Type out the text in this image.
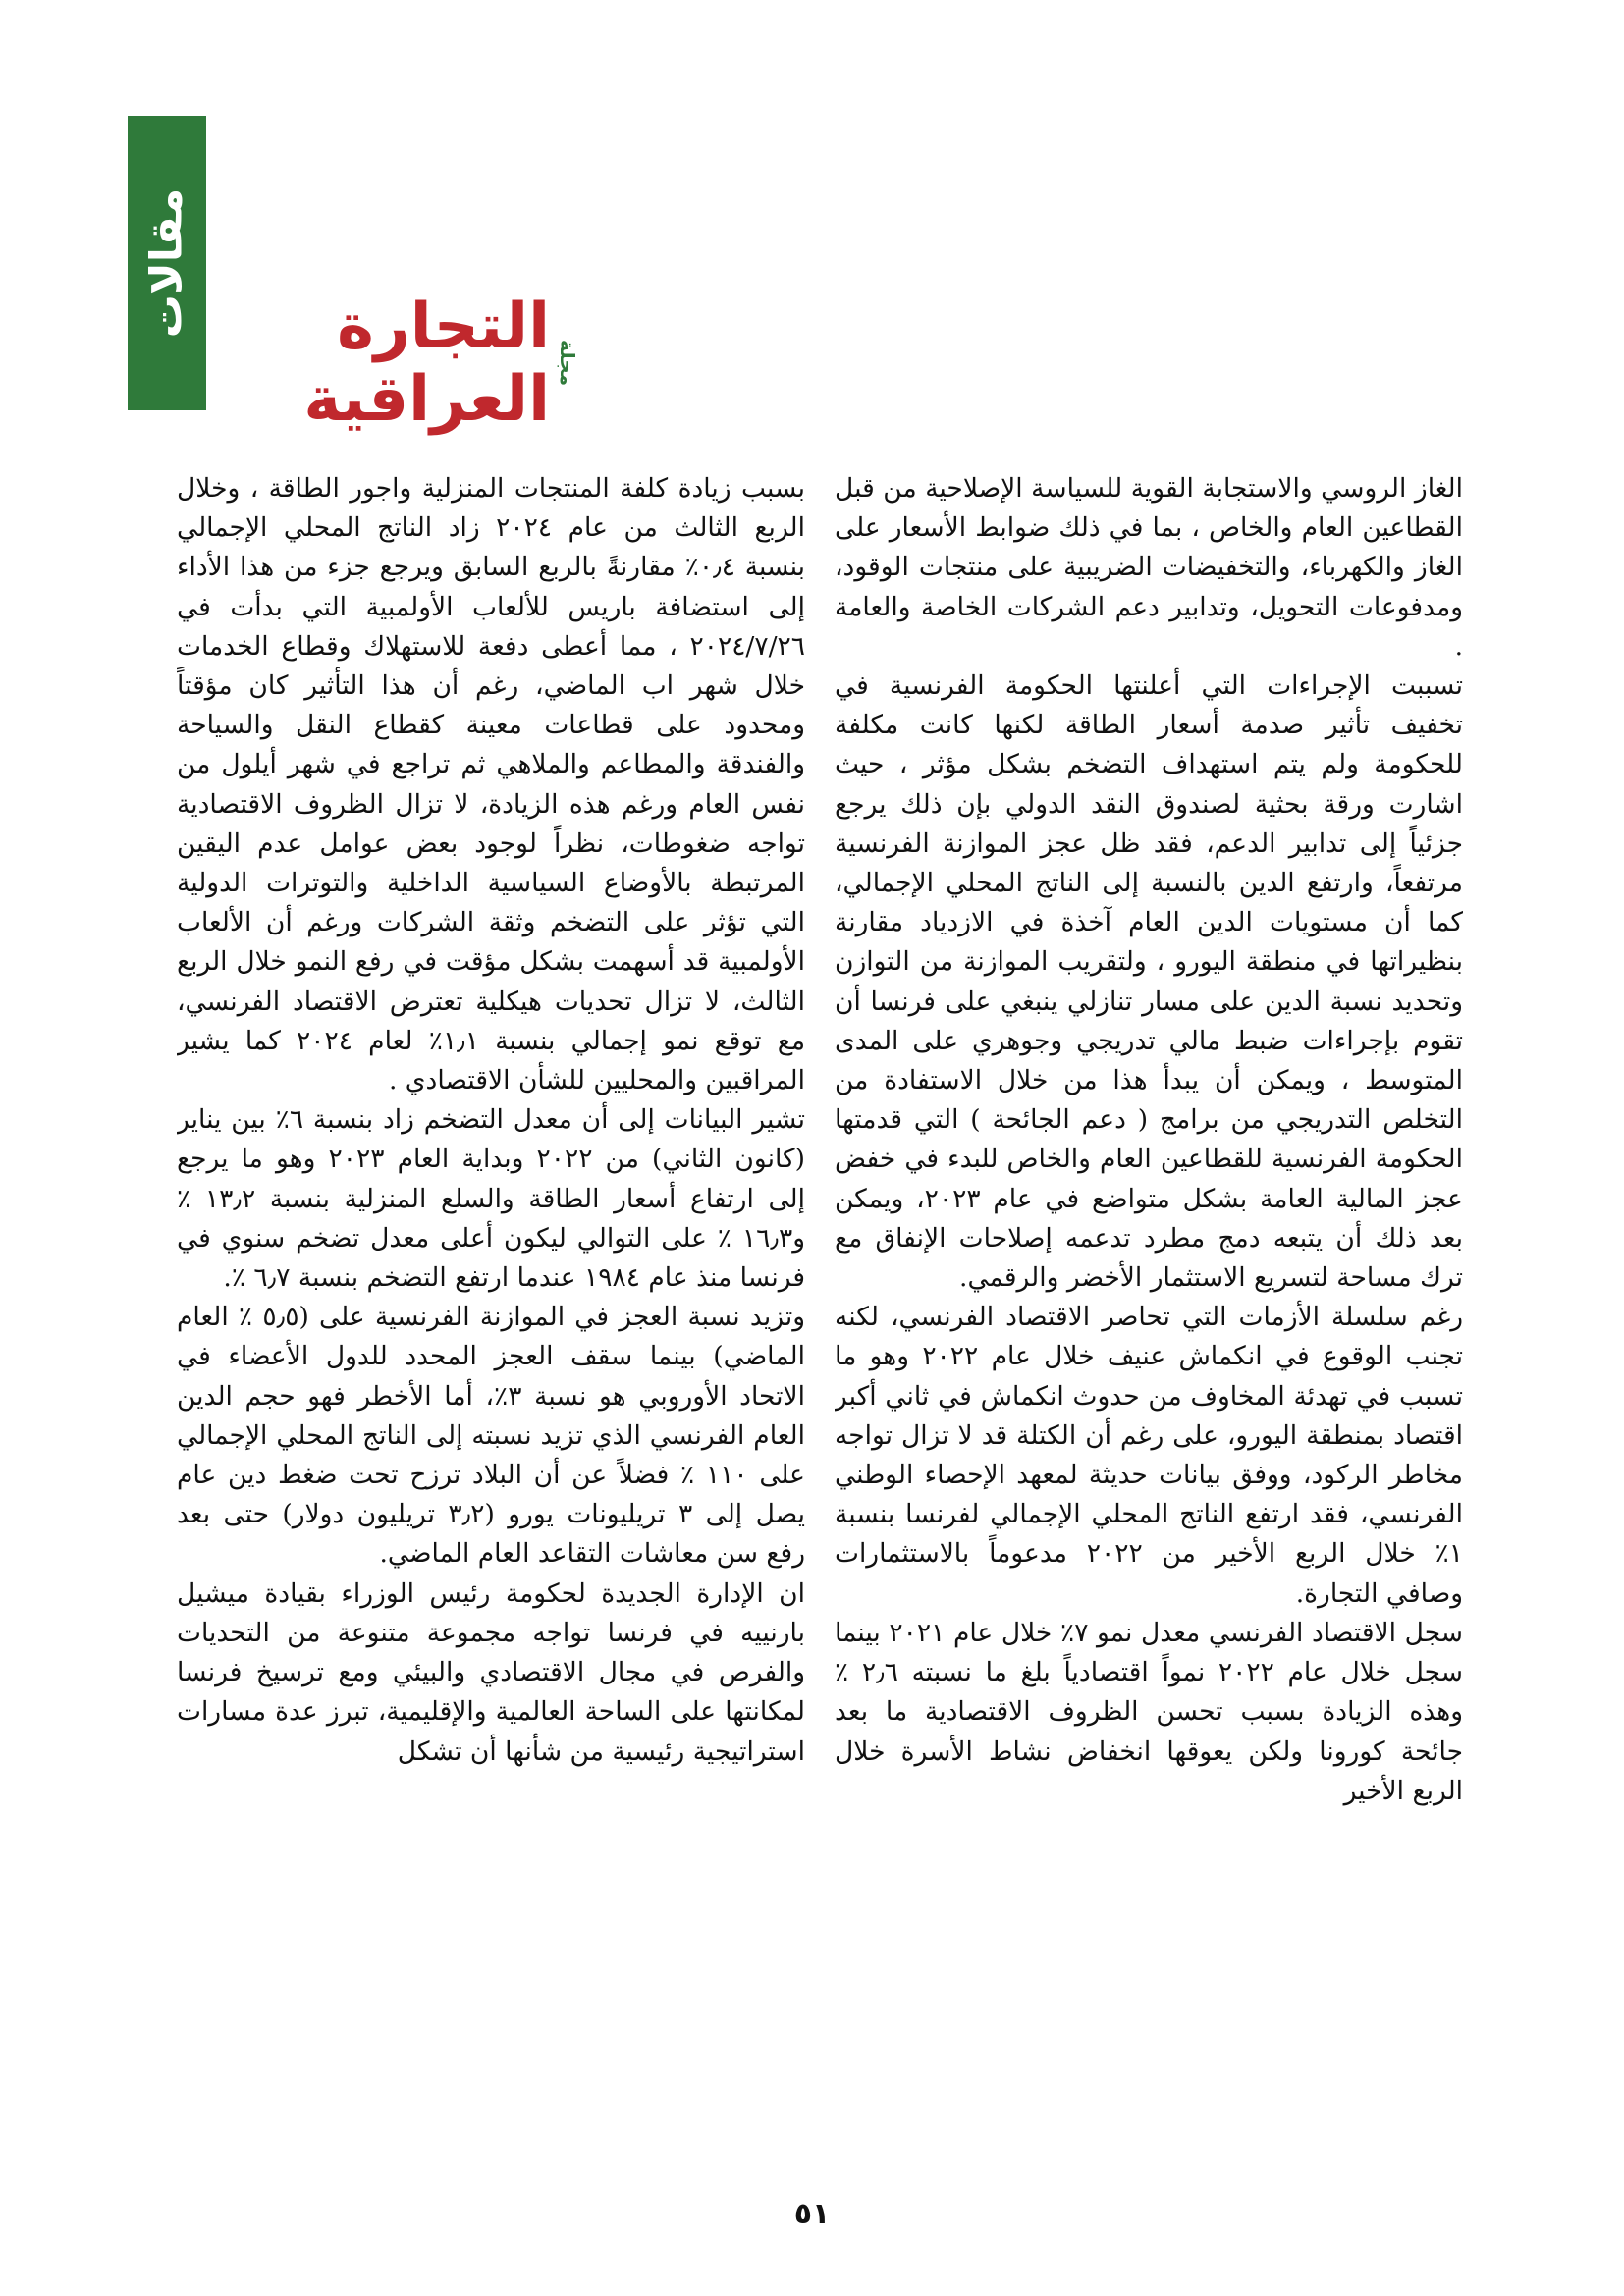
مقالات
مجلة
التجارة العراقية

الغاز الروسي والاستجابة القوية للسياسة الإصلاحية من قبل القطاعين العام والخاص ، بما في ذلك ضوابط الأسعار على الغاز والكهرباء، والتخفيضات الضريبية على منتجات الوقود، ومدفوعات التحويل، وتدابير دعم الشركات الخاصة والعامة .

تسببت الإجراءات التي أعلنتها الحكومة الفرنسية في تخفيف تأثير صدمة أسعار الطاقة لكنها كانت مكلفة للحكومة ولم يتم استهداف التضخم بشكل مؤثر ، حيث اشارت ورقة بحثية لصندوق النقد الدولي بإن ذلك يرجع جزئياً إلى تدابير الدعم، فقد ظل عجز الموازنة الفرنسية مرتفعاً، وارتفع الدين بالنسبة إلى الناتج المحلي الإجمالي، كما أن مستويات الدين العام آخذة في الازدياد مقارنة بنظيراتها في منطقة اليورو ، ولتقريب الموازنة من التوازن وتحديد نسبة الدين على مسار تنازلي ينبغي على فرنسا أن تقوم بإجراءات ضبط مالي تدريجي وجوهري على المدى المتوسط ، ويمكن أن يبدأ هذا من خلال الاستفادة من التخلص التدريجي من برامج ( دعم الجائحة ) التي قدمتها الحكومة الفرنسية للقطاعين العام والخاص للبدء في خفض عجز المالية العامة بشكل متواضع في عام ٢٠٢٣، ويمكن بعد ذلك أن يتبعه دمج مطرد تدعمه إصلاحات الإنفاق مع ترك مساحة لتسريع الاستثمار الأخضر والرقمي.

رغم سلسلة الأزمات التي تحاصر الاقتصاد الفرنسي، لكنه تجنب الوقوع في انكماش عنيف خلال عام ٢٠٢٢ وهو ما تسبب في تهدئة المخاوف من حدوث انكماش في ثاني أكبر اقتصاد بمنطقة اليورو، على رغم أن الكتلة قد لا تزال تواجه مخاطر الركود، ووفق بيانات حديثة لمعهد الإحصاء الوطني الفرنسي، فقد ارتفع الناتج المحلي الإجمالي لفرنسا بنسبة ١٪ خلال الربع الأخير من ٢٠٢٢ مدعوماً بالاستثمارات وصافي التجارة.

سجل الاقتصاد الفرنسي معدل نمو ٧٪ خلال عام ٢٠٢١ بينما سجل خلال عام ٢٠٢٢ نمواً اقتصادياً بلغ ما نسبته ٢٫٦ ٪ وهذه الزيادة بسبب تحسن الظروف الاقتصادية ما بعد جائحة كورونا ولكن يعوقها انخفاض نشاط الأسرة خلال الربع الأخير

بسبب زيادة كلفة المنتجات المنزلية واجور الطاقة ، وخلال الربع الثالث من عام ٢٠٢٤ زاد الناتج المحلي الإجمالي بنسبة ٠٫٤٪ مقارنةً بالربع السابق ويرجع جزء من هذا الأداء إلى استضافة باريس للألعاب الأولمبية التي بدأت في ٢٠٢٤/٧/٢٦ ، مما أعطى دفعة للاستهلاك وقطاع الخدمات خلال شهر اب الماضي، رغم أن هذا التأثير كان مؤقتاً ومحدود على قطاعات معينة كقطاع النقل والسياحة والفندقة والمطاعم والملاهي ثم تراجع في شهر أيلول من نفس العام ورغم هذه الزيادة، لا تزال الظروف الاقتصادية تواجه ضغوطات، نظراً لوجود بعض عوامل عدم اليقين المرتبطة بالأوضاع السياسية الداخلية والتوترات الدولية التي تؤثر على التضخم وثقة الشركات ورغم أن الألعاب الأولمبية قد أسهمت بشكل مؤقت في رفع النمو خلال الربع الثالث، لا تزال تحديات هيكلية تعترض الاقتصاد الفرنسي، مع توقع نمو إجمالي بنسبة ١٫١٪ لعام ٢٠٢٤ كما يشير المراقبين والمحليين للشأن الاقتصادي .

تشير البيانات إلى أن معدل التضخم زاد بنسبة ٦٪ بين يناير (كانون الثاني) من ٢٠٢٢ وبداية العام ٢٠٢٣ وهو ما يرجع إلى ارتفاع أسعار الطاقة والسلع المنزلية بنسبة ١٣٫٢ ٪ و١٦٫٣ ٪ على التوالي ليكون أعلى معدل تضخم سنوي في فرنسا منذ عام ١٩٨٤ عندما ارتفع التضخم بنسبة ٦٫٧ ٪.

وتزيد نسبة العجز في الموازنة الفرنسية على (٥٫٥ ٪ العام الماضي) بينما سقف العجز المحدد للدول الأعضاء في الاتحاد الأوروبي هو نسبة ٣٪، أما الأخطر فهو حجم الدين العام الفرنسي الذي تزيد نسبته إلى الناتج المحلي الإجمالي على ١١٠ ٪ فضلاً عن أن البلاد ترزح تحت ضغط دين عام يصل إلى ٣ تريليونات يورو (٣٫٢ تريليون دولار) حتى بعد رفع سن معاشات التقاعد العام الماضي.

ان الإدارة الجديدة لحكومة رئيس الوزراء بقيادة ميشيل بارنييه في فرنسا تواجه مجموعة متنوعة من التحديات والفرص في مجال الاقتصادي والبيئي ومع ترسيخ فرنسا لمكانتها على الساحة العالمية والإقليمية، تبرز عدة مسارات استراتيجية رئيسية من شأنها أن تشكل

٥١
